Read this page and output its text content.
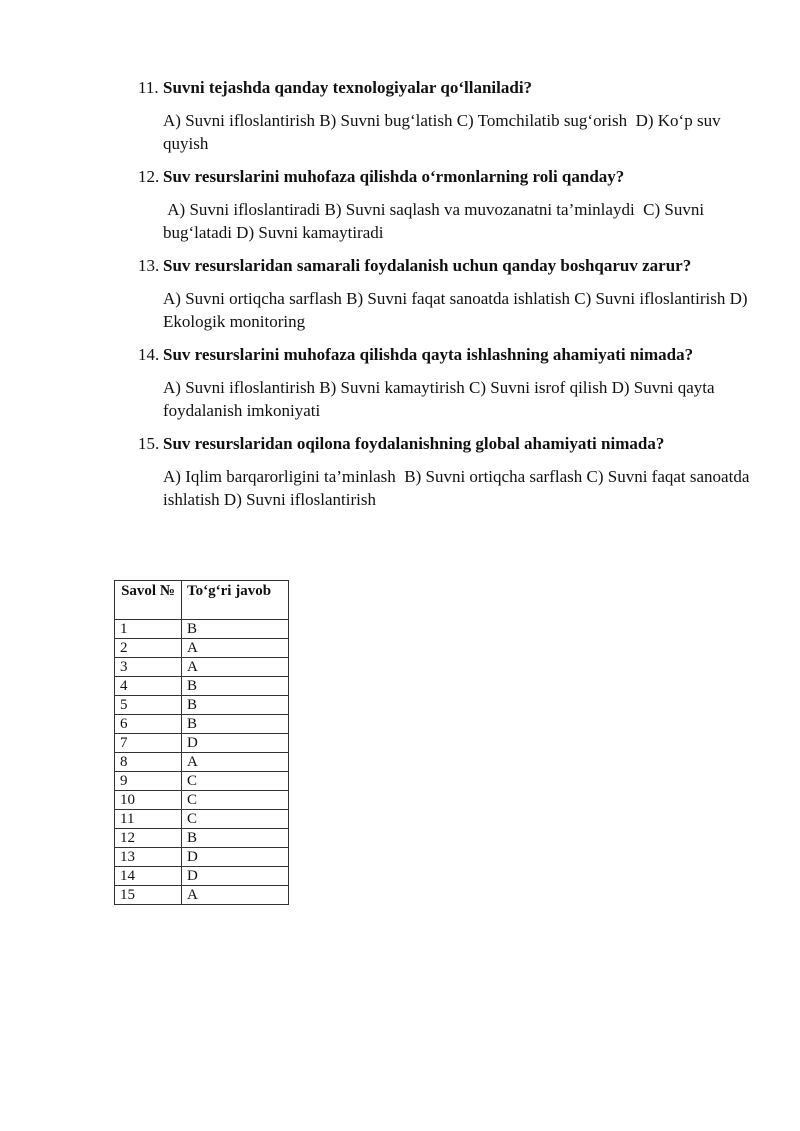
11. Suvni tejashda qanday texnologiyalar qo‘llaniladi?
A) Suvni ifloslantirish B) Suvni bug‘latish C) Tomchilatib sug‘orish  D) Ko‘p suv quyish
12. Suv resurslarini muhofaza qilishda o‘rmonlarning roli qanday?
A) Suvni ifloslantiradi B) Suvni saqlash va muvozanatni ta’minlaydi  C) Suvni bug‘latadi D) Suvni kamaytiradi
13. Suv resurslaridan samarali foydalanish uchun qanday boshqaruv zarur?
A) Suvni ortiqcha sarflash B) Suvni faqat sanoatda ishlatish C) Suvni ifloslantirish D) Ekologik monitoring
14. Suv resurslarini muhofaza qilishda qayta ishlashning ahamiyati nimada?
A) Suvni ifloslantirish B) Suvni kamaytirish C) Suvni isrof qilish D) Suvni qayta foydalanish imkoniyati
15. Suv resurslaridan oqilona foydalanishning global ahamiyati nimada?
A) Iqlim barqarorligini ta’minlash  B) Suvni ortiqcha sarflash C) Suvni faqat sanoatda ishlatish D) Suvni ifloslantirish
Savol №	To‘g‘ri javob
1	B
2	A
3	A
4	B
5	B
6	B
7	D
8	A
9	C
10	C
11	C
12	B
13	D
14	D
15	A
